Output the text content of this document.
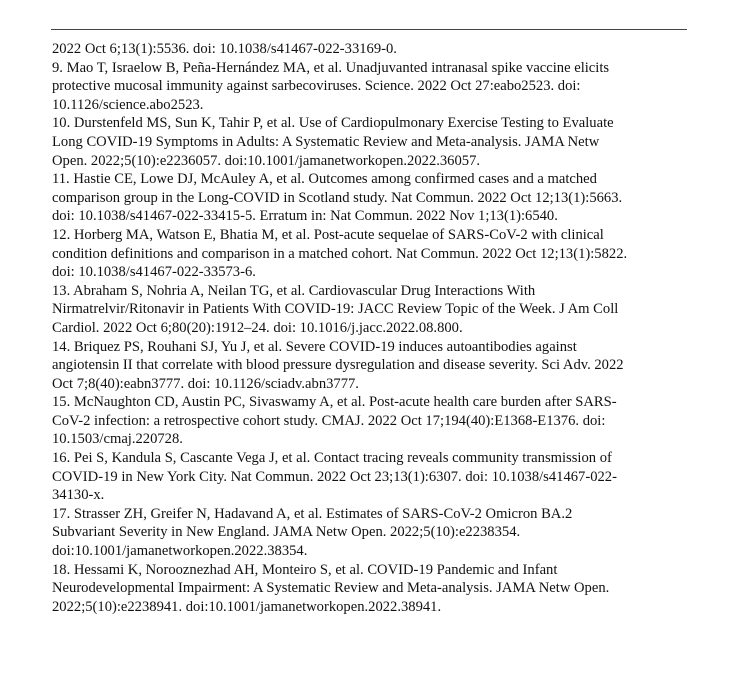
2022 Oct 6;13(1):5536. doi: 10.1038/s41467-022-33169-0.
9. Mao T, Israelow B, Peña-Hernández MA, et al. Unadjuvanted intranasal spike vaccine elicits
protective mucosal immunity against sarbecoviruses. Science. 2022 Oct 27:eabo2523. doi:
10.1126/science.abo2523.
10. Durstenfeld MS, Sun K, Tahir P, et al. Use of Cardiopulmonary Exercise Testing to Evaluate
Long COVID-19 Symptoms in Adults: A Systematic Review and Meta-analysis. JAMA Netw
Open. 2022;5(10):e2236057. doi:10.1001/jamanetworkopen.2022.36057.
11. Hastie CE, Lowe DJ, McAuley A, et al. Outcomes among confirmed cases and a matched
comparison group in the Long-COVID in Scotland study. Nat Commun. 2022 Oct 12;13(1):5663.
doi: 10.1038/s41467-022-33415-5. Erratum in: Nat Commun. 2022 Nov 1;13(1):6540.
12. Horberg MA, Watson E, Bhatia M, et al. Post-acute sequelae of SARS-CoV-2 with clinical
condition definitions and comparison in a matched cohort. Nat Commun. 2022 Oct 12;13(1):5822.
doi: 10.1038/s41467-022-33573-6.
13. Abraham S, Nohria A, Neilan TG, et al. Cardiovascular Drug Interactions With
Nirmatrelvir/Ritonavir in Patients With COVID-19: JACC Review Topic of the Week. J Am Coll
Cardiol. 2022 Oct 6;80(20):1912–24. doi: 10.1016/j.jacc.2022.08.800.
14. Briquez PS, Rouhani SJ, Yu J, et al. Severe COVID-19 induces autoantibodies against
angiotensin II that correlate with blood pressure dysregulation and disease severity. Sci Adv. 2022
Oct 7;8(40):eabn3777. doi: 10.1126/sciadv.abn3777.
15. McNaughton CD, Austin PC, Sivaswamy A, et al. Post-acute health care burden after SARS-
CoV-2 infection: a retrospective cohort study. CMAJ. 2022 Oct 17;194(40):E1368-E1376. doi:
10.1503/cmaj.220728.
16. Pei S, Kandula S, Cascante Vega J, et al. Contact tracing reveals community transmission of
COVID-19 in New York City. Nat Commun. 2022 Oct 23;13(1):6307. doi: 10.1038/s41467-022-
34130-x.
17. Strasser ZH, Greifer N, Hadavand A, et al. Estimates of SARS-CoV-2 Omicron BA.2
Subvariant Severity in New England. JAMA Netw Open. 2022;5(10):e2238354.
doi:10.1001/jamanetworkopen.2022.38354.
18. Hessami K, Norooznezhad AH, Monteiro S, et al. COVID-19 Pandemic and Infant
Neurodevelopmental Impairment: A Systematic Review and Meta-analysis. JAMA Netw Open.
2022;5(10):e2238941. doi:10.1001/jamanetworkopen.2022.38941.
